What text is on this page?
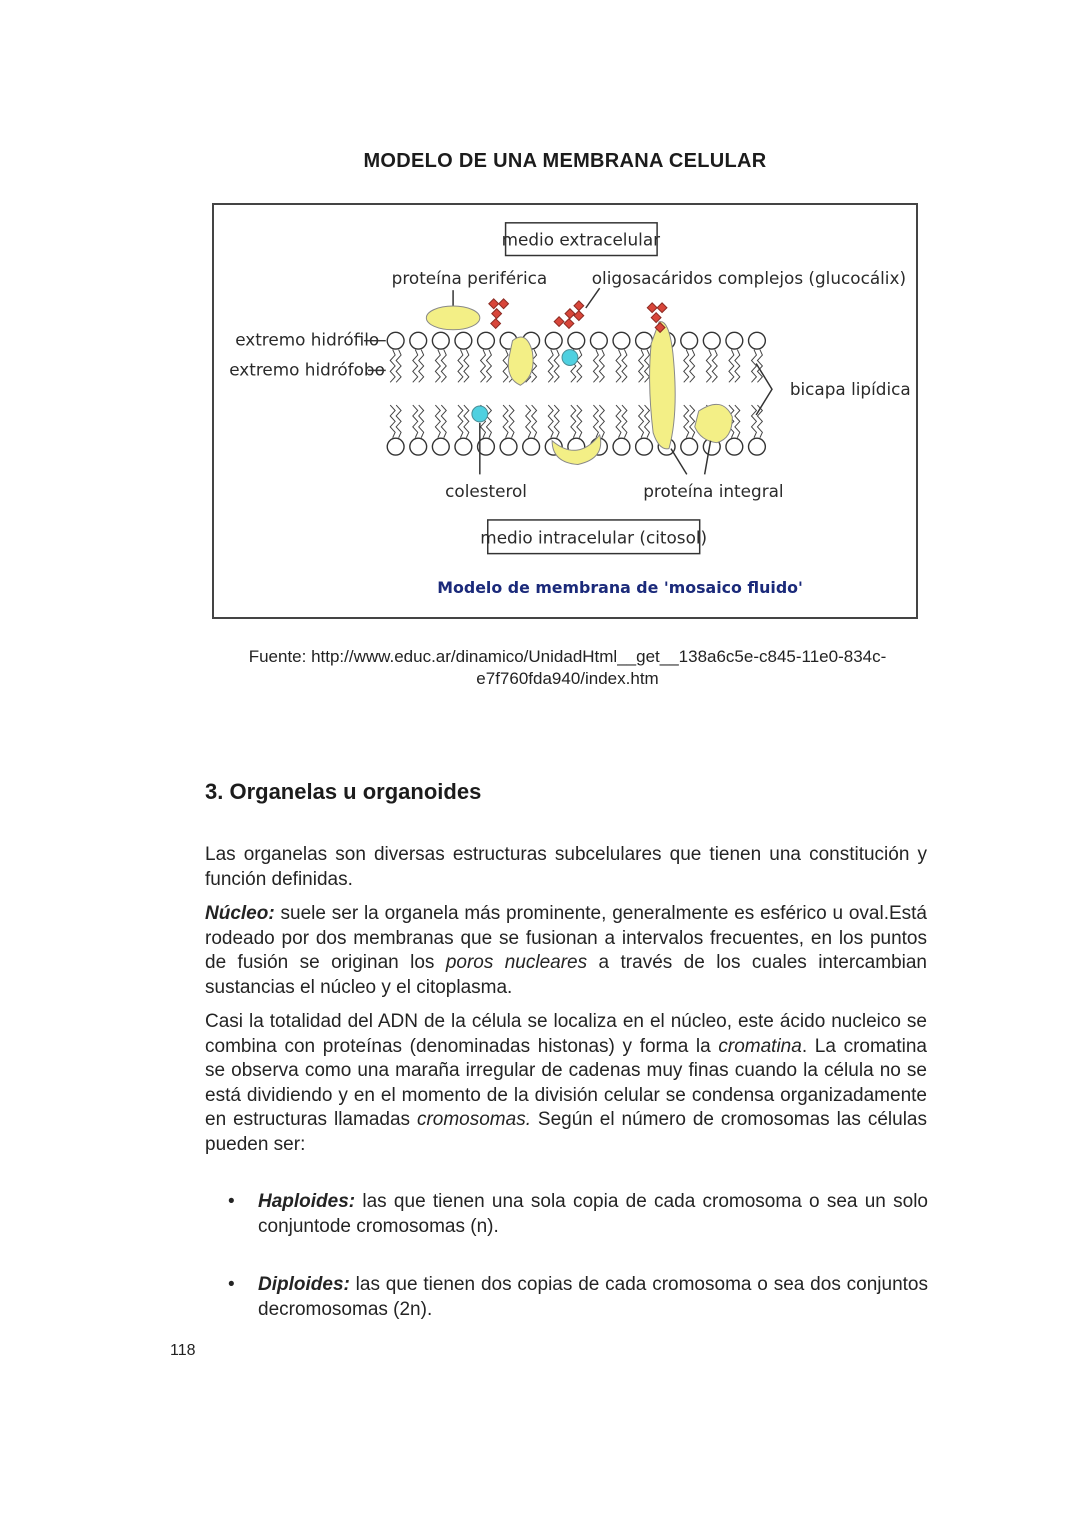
MODELO DE UNA MEMBRANA CELULAR
medio extracelular
proteína periférica	oligosacáridos complejos (glucocálix)
extremo hidrófilo
extremo hidrófobo
bicapa lipídica
colesterol	proteína integral
medio intracelular (citosol)
Modelo de membrana de 'mosaico fluido'
Fuente: http://www.educ.ar/dinamico/UnidadHtml__get__138a6c5e-c845-11e0-834c-
e7f760fda940/index.htm
3. Organelas u organoides

Las organelas son diversas estructuras subcelulares que tienen una constitución y función definidas.

Núcleo: suele ser la organela más prominente, generalmente es esférico u oval.Está rodeado por dos membranas que se fusionan a intervalos frecuentes, en los puntos de fusión se originan los poros nucleares a través de los cuales intercambian sustancias el núcleo y el citoplasma.

Casi la totalidad del ADN de la célula se localiza en el núcleo, este ácido nucleico se combina con proteínas (denominadas histonas) y forma la cromatina. La cromatina se observa como una maraña irregular de cadenas muy finas cuando la célula no se está dividiendo y en el momento de la división celular se condensa organizadamente en estructuras llamadas cromosomas. Según el número de cromosomas las células pueden ser:

• Haploides: las que tienen una sola copia de cada cromosoma o sea un solo conjuntode cromosomas (n).
• Diploides: las que tienen dos copias de cada cromosoma o sea dos conjuntos decromosomas (2n).
118
